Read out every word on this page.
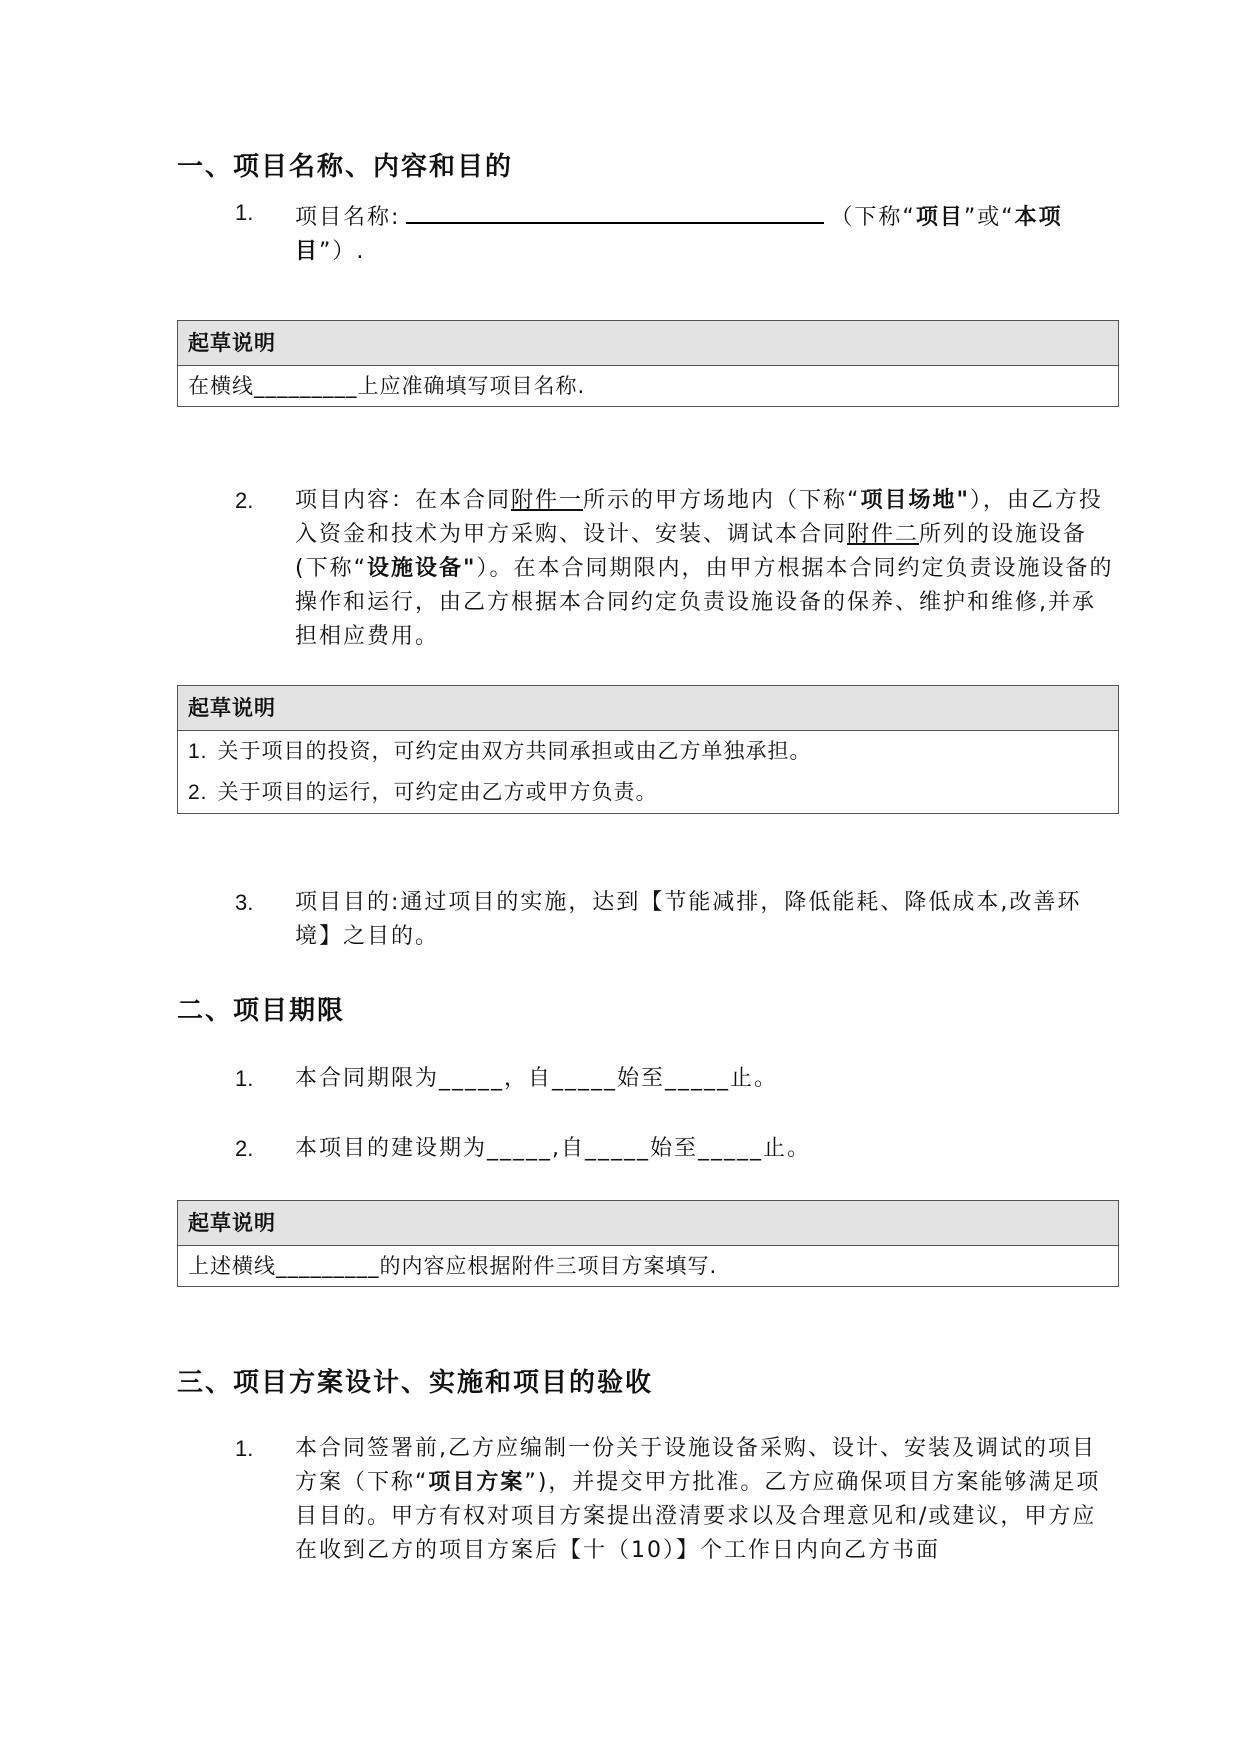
一、项目名称、内容和目的
1. 项目名称:	（下称“项目”或“本项目”）.
起草说明
在横线_________上应准确填写项目名称.
2. 项目内容：在本合同附件一所示的甲方场地内（下称“项目场地"），由乙方投入资金和技术为甲方采购、设计、安装、调试本合同附件二所列的设施设备(下称“设施设备"）。在本合同期限内，由甲方根据本合同约定负责设施设备的操作和运行，由乙方根据本合同约定负责设施设备的保养、维护和维修,并承担相应费用。
起草说明
1. 关于项目的投资，可约定由双方共同承担或由乙方单独承担。
2. 关于项目的运行，可约定由乙方或甲方负责。
3. 项目目的:通过项目的实施，达到【节能减排，降低能耗、降低成本,改善环境】之目的。
二、项目期限
1. 本合同期限为_____，自_____始至_____止。
2. 本项目的建设期为_____,自_____始至_____止。
起草说明
上述横线_________的内容应根据附件三项目方案填写.
三、项目方案设计、实施和项目的验收
1. 本合同签署前,乙方应编制一份关于设施设备采购、设计、安装及调试的项目方案（下称“项目方案”)，并提交甲方批准。乙方应确保项目方案能够满足项目目的。甲方有权对项目方案提出澄清要求以及合理意见和/或建议，甲方应在收到乙方的项目方案后【十（10）】个工作日内向乙方书面
